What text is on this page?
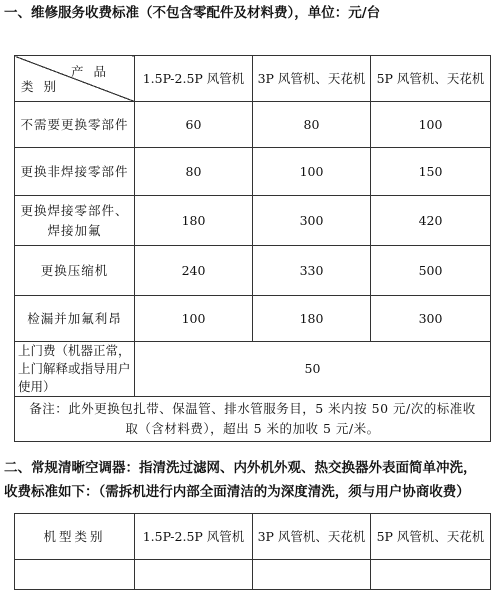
一、维修服务收费标准（不包含零配件及材料费），单位：元/台
产品
类别	1.5P-2.5P 风管机	3P 风管机、天花机	5P 风管机、天花机
不需要更换零部件	60	80	100
更换非焊接零部件	80	100	150
更换焊接零部件、焊接加氟	180	300	420
更换压缩机	240	330	500
检漏并加氟利昂	100	180	300
上门费（机器正常，上门解释或指导用户使用）	50		
备注：此外更换包扎带、保温管、排水管服务目，5 米内按 50 元/次的标准收取（含材料费），超出 5 米的加收 5 元/米。			
二、常规清晰空调器：指清洗过滤网、内外机外观、热交换器外表面简单冲洗，
收费标准如下：（需拆机进行内部全面清洁的为深度清洗，须与用户协商收费）
机型类别	1.5P-2.5P 风管机	3P 风管机、天花机	5P 风管机、天花机
